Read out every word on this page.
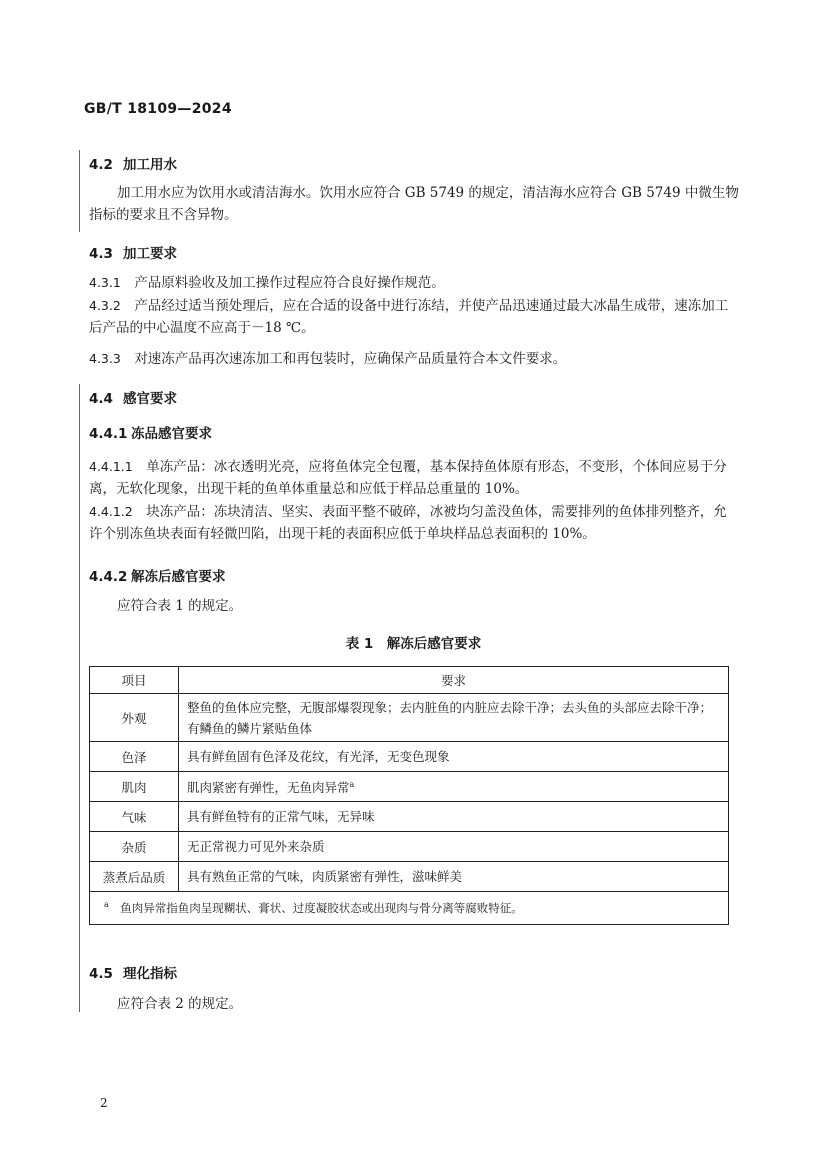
GB/T 18109—2024
4.2 加工用水
加工用水应为饮用水或清洁海水。饮用水应符合 GB 5749 的规定，清洁海水应符合 GB 5749 中微生物指标的要求且不含异物。
4.3 加工要求
4.3.1　 产品原料验收及加工操作过程应符合良好操作规范。
4.3.2　 产品经过适当预处理后，应在合适的设备中进行冻结，并使产品迅速通过最大冰晶生成带，速冻加工后产品的中心温度不应高于－18 ℃。
4.3.3　 对速冻产品再次速冻加工和再包装时，应确保产品质量符合本文件要求。
4.4 感官要求
4.4.1 冻品感官要求
4.4.1.1　 单冻产品：冰衣透明光亮，应将鱼体完全包覆，基本保持鱼体原有形态，不变形，个体间应易于分离，无软化现象，出现干耗的鱼单体重量总和应低于样品总重量的 10%。
4.4.1.2　 块冻产品：冻块清洁、坚实、表面平整不破碎，冰被均匀盖没鱼体，需要排列的鱼体排列整齐，允许个别冻鱼块表面有轻微凹陷，出现干耗的表面积应低于单块样品总表面积的 10%。
4.4.2 解冻后感官要求
应符合表 1 的规定。
表 1　解冻后感官要求
项目	要求
外观	整鱼的鱼体应完整，无腹部爆裂现象；去内脏鱼的内脏应去除干净；去头鱼的头部应去除干净；有鳞鱼的鳞片紧贴鱼体
色泽	具有鲜鱼固有色泽及花纹，有光泽，无变色现象
肌肉	肌肉紧密有弹性，无鱼肉异常$^a$
气味	具有鲜鱼特有的正常气味，无异味
杂质	无正常视力可见外来杂质
蒸煮后品质	具有熟鱼正常的气味，肉质紧密有弹性，滋味鲜美
$^a$　 鱼肉异常指鱼肉呈现糊状、膏状、过度凝胶状态或出现肉与骨分离等腐败特征。	
4.5 理化指标
应符合表 2 的规定。
2
